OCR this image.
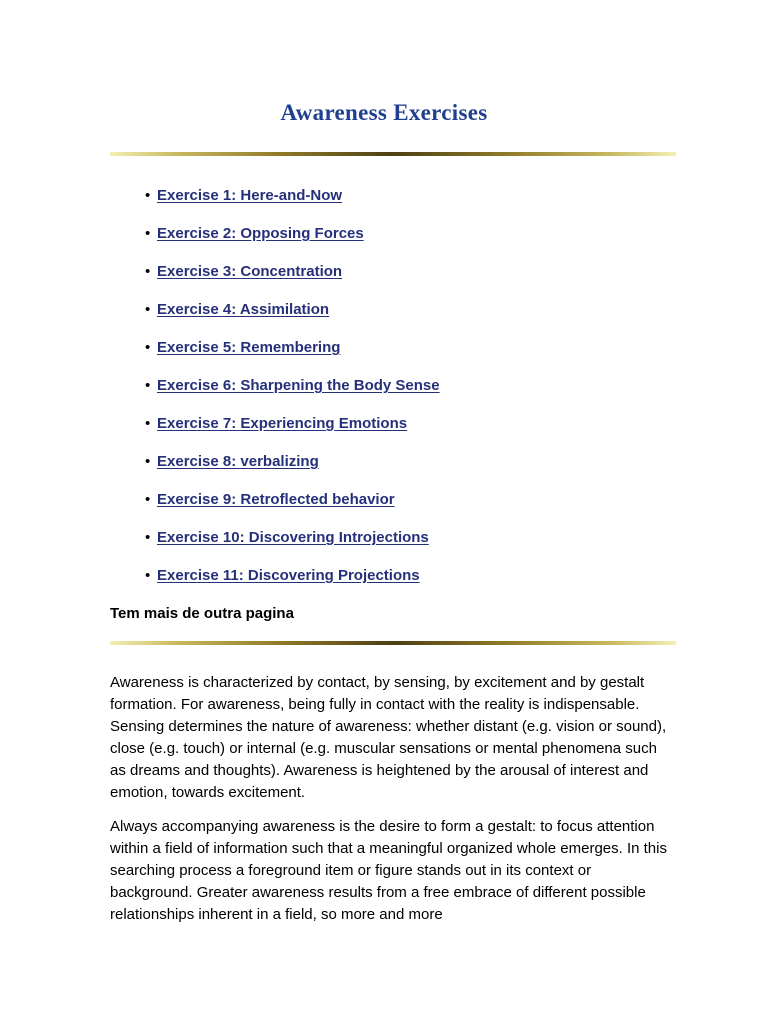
Awareness Exercises
• Exercise 1: Here-and-Now
• Exercise 2: Opposing Forces
• Exercise 3: Concentration
• Exercise 4: Assimilation
• Exercise 5: Remembering
• Exercise 6: Sharpening the Body Sense
• Exercise 7: Experiencing Emotions
• Exercise 8: verbalizing
• Exercise 9: Retroflected behavior
• Exercise 10: Discovering Introjections
• Exercise 11: Discovering Projections

Tem mais de outra pagina

Awareness is characterized by contact, by sensing, by excitement and by gestalt formation. For awareness, being fully in contact with the reality is indispensable. Sensing determines the nature of awareness: whether distant (e.g. vision or sound), close (e.g. touch) or internal (e.g. muscular sensations or mental phenomena such as dreams and thoughts). Awareness is heightened by the arousal of interest and emotion, towards excitement.

Always accompanying awareness is the desire to form a gestalt: to focus attention within a field of information such that a meaningful organized whole emerges. In this searching process a foreground item or figure stands out in its context or background. Greater awareness results from a free embrace of different possible relationships inherent in a field, so more and more
